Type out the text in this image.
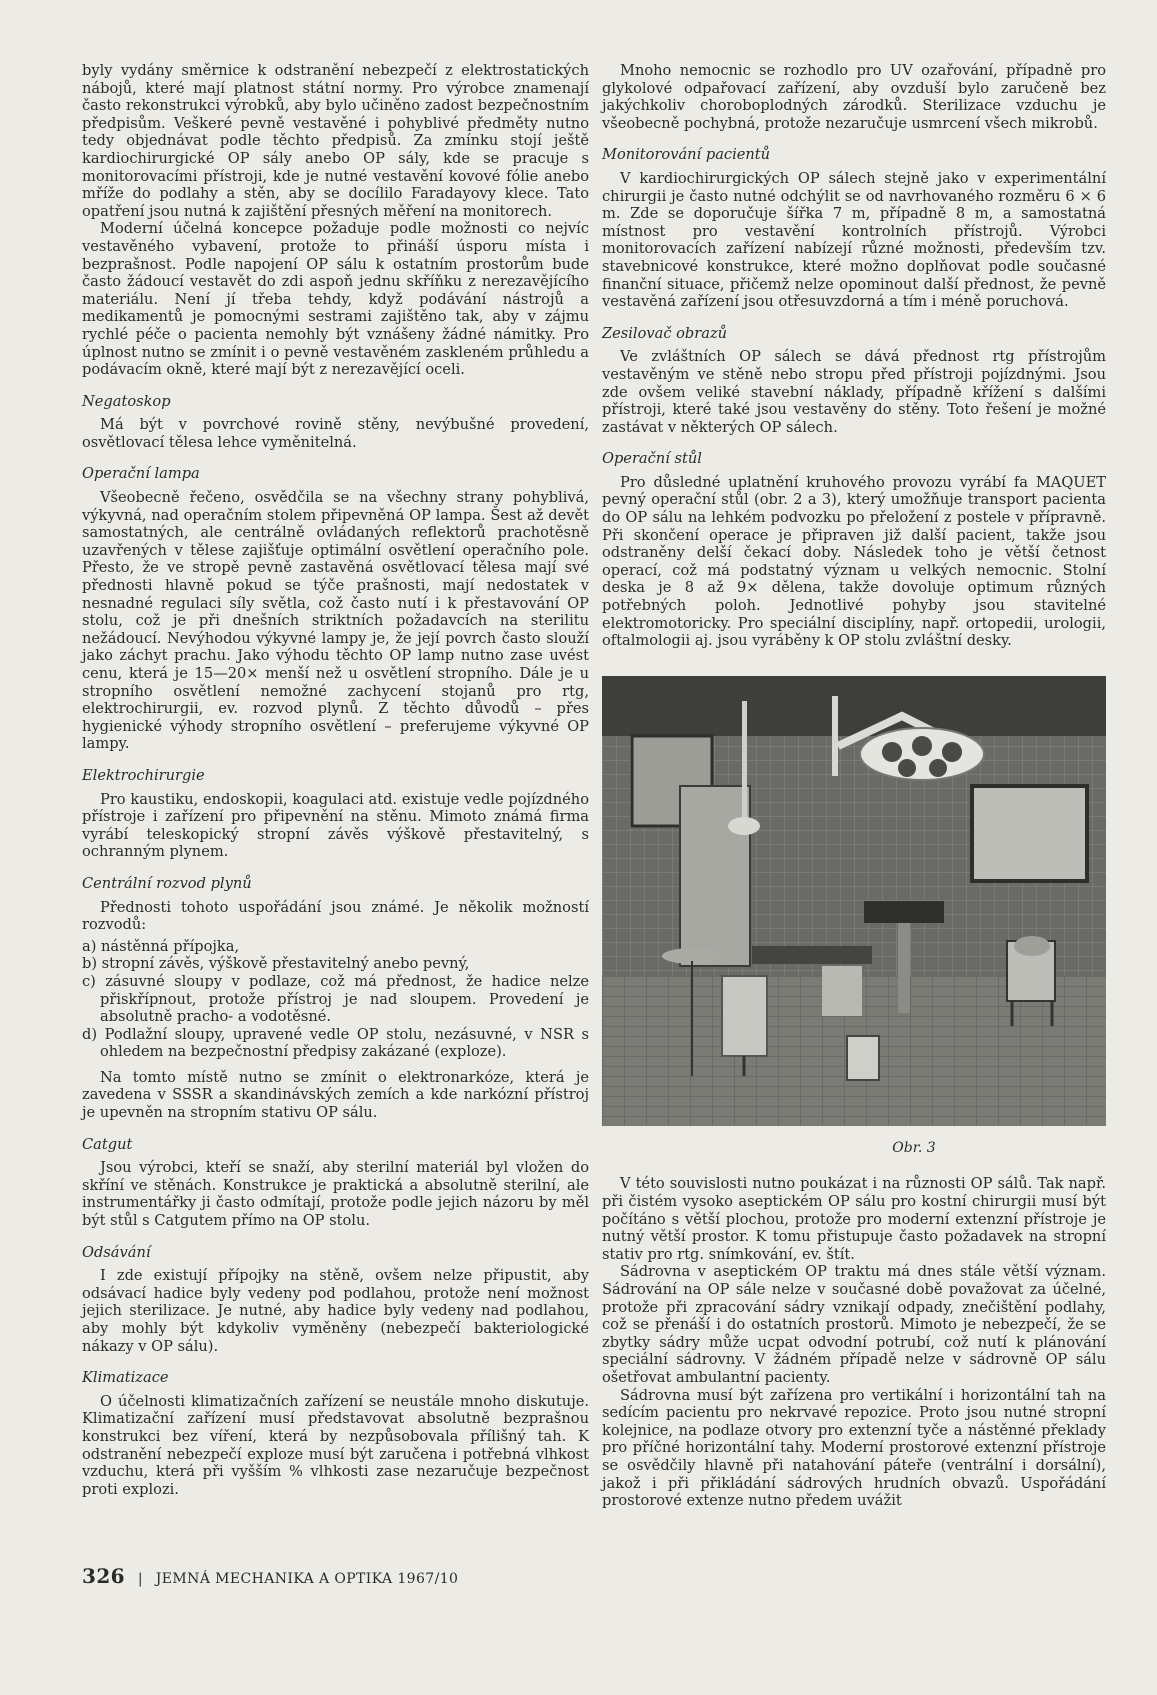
byly vydány směrnice k odstranění nebezpečí z elektrostatických nábojů, které mají platnost státní normy. Pro výrobce znamenají často rekonstrukci výrobků, aby bylo učiněno zadost bezpečnostním předpisům. Veškeré pevně vestavěné i pohyblivé předměty nutno tedy objednávat podle těchto předpisů. Za zmínku stojí ještě kardiochirurgické OP sály anebo OP sály, kde se pracuje s monitorovacími přístroji, kde je nutné vestavění kovové fólie anebo mříže do podlahy a stěn, aby se docílilo Faradayovy klece. Tato opatření jsou nutná k zajištění přesných měření na monitorech.

Moderní účelná koncepce požaduje podle možnosti co nejvíc vestavěného vybavení, protože to přináší úsporu místa i bezprašnost. Podle napojení OP sálu k ostatním prostorům bude často žádoucí vestavět do zdi aspoň jednu skříňku z nerezavějícího materiálu. Není jí třeba tehdy, když podávání nástrojů a medikamentů je pomocnými sestrami zajištěno tak, aby v zájmu rychlé péče o pacienta nemohly být vznášeny žádné námitky. Pro úplnost nutno se zmínit i o pevně vestavěném zaskleném průhledu a podávacím okně, které mají být z nerezavějící oceli.

Negatoskop

Má být v povrchové rovině stěny, nevýbušné provedení, osvětlovací tělesa lehce vyměnitelná.

Operační lampa

Všeobecně řečeno, osvědčila se na všechny strany pohyblivá, výkyvná, nad operačním stolem připevněná OP lampa. Šest až devět samostatných, ale centrálně ovládaných reflektorů prachotěsně uzavřených v tělese zajišťuje optimální osvětlení operačního pole. Přesto, že ve stropě pevně zastavěná osvětlovací tělesa mají své přednosti hlavně pokud se týče prašnosti, mají nedostatek v nesnadné regulaci síly světla, což často nutí i k přestavování OP stolu, což je při dnešních striktních požadavcích na sterilitu nežádoucí. Nevýhodou výkyvné lampy je, že její povrch často slouží jako záchyt prachu. Jako výhodu těchto OP lamp nutno zase uvést cenu, která je 15—20× menší než u osvětlení stropního. Dále je u stropního osvětlení nemožné zachycení stojanů pro rtg, elektrochirurgii, ev. rozvod plynů. Z těchto důvodů – přes hygienické výhody stropního osvětlení – preferujeme výkyvné OP lampy.

Elektrochirurgie

Pro kaustiku, endoskopii, koagulaci atd. existuje vedle pojízdného přístroje i zařízení pro připevnění na stěnu. Mimoto známá firma vyrábí teleskopický stropní závěs výškově přestavitelný, s ochranným plynem.

Centrální rozvod plynů

Přednosti tohoto uspořádání jsou známé. Je několik možností rozvodů:

a) nástěnná přípojka,
b) stropní závěs, výškově přestavitelný anebo pevný,
c) zásuvné sloupy v podlaze, což má přednost, že hadice nelze přiskřípnout, protože přístroj je nad sloupem. Provedení je absolutně pracho- a vodotěsné.
d) Podlažní sloupy, upravené vedle OP stolu, nezásuvné, v NSR s ohledem na bezpečnostní předpisy zakázané (exploze).

Na tomto místě nutno se zmínit o elektronarkóze, která je zavedena v SSSR a skandinávských zemích a kde narkózní přístroj je upevněn na stropním stativu OP sálu.

Catgut

Jsou výrobci, kteří se snaží, aby sterilní materiál byl vložen do skříní ve stěnách. Konstrukce je praktická a absolutně sterilní, ale instrumentářky ji často odmítají, protože podle jejich názoru by měl být stůl s Catgutem přímo na OP stolu.

Odsávání

I zde existují přípojky na stěně, ovšem nelze připustit, aby odsávací hadice byly vedeny pod podlahou, protože není možnost jejich sterilizace. Je nutné, aby hadice byly vedeny nad podlahou, aby mohly být kdykoliv vyměněny (nebezpečí bakteriologické nákazy v OP sálu).

Klimatizace

O účelnosti klimatizačních zařízení se neustále mnoho diskutuje. Klimatizační zařízení musí představovat absolutně bezprašnou konstrukci bez víření, která by nezpůsobovala přílišný tah. K odstranění nebezpečí exploze musí být zaručena i potřebná vlhkost vzduchu, která při vyšším % vlhkosti zase nezaručuje bezpečnost proti explozi.

Mnoho nemocnic se rozhodlo pro UV ozařování, případně pro glykolové odpařovací zařízení, aby ovzduší bylo zaručeně bez jakýchkoliv choroboplodných zárodků. Sterilizace vzduchu je všeobecně pochybná, protože nezaručuje usmrcení všech mikrobů.

Monitorování pacientů

V kardiochirurgických OP sálech stejně jako v experimentální chirurgii je často nutné odchýlit se od navrhovaného rozměru 6 × 6 m. Zde se doporučuje šířka 7 m, případně 8 m, a samostatná místnost pro vestavění kontrolních přístrojů. Výrobci monitorovacích zařízení nabízejí různé možnosti, především tzv. stavebnicové konstrukce, které možno doplňovat podle současné finanční situace, přičemž nelze opominout další přednost, že pevně vestavěná zařízení jsou otřesuvzdorná a tím i méně poruchová.

Zesilovač obrazů

Ve zvláštních OP sálech se dává přednost rtg přístrojům vestavěným ve stěně nebo stropu před přístroji pojízdnými. Jsou zde ovšem veliké stavební náklady, případně křížení s dalšími přístroji, které také jsou vestavěny do stěny. Toto řešení je možné zastávat v některých OP sálech.

Operační stůl

Pro důsledné uplatnění kruhového provozu vyrábí fa MAQUET pevný operační stůl (obr. 2 a 3), který umožňuje transport pacienta do OP sálu na lehkém podvozku po přeložení z postele v přípravně. Při skončení operace je připraven již další pacient, takže jsou odstraněny delší čekací doby. Následek toho je větší četnost operací, což má podstatný význam u velkých nemocnic. Stolní deska je 8 až 9× dělena, takže dovoluje optimum různých potřebných poloh. Jednotlivé pohyby jsou stavitelné elektromotoricky. Pro speciální disciplíny, např. ortopedii, urologii, oftalmologii aj. jsou vyráběny k OP stolu zvláštní desky.

Obr. 3

V této souvislosti nutno poukázat i na různosti OP sálů. Tak např. při čistém vysoko aseptickém OP sálu pro kostní chirurgii musí být počítáno s větší plochou, protože pro moderní extenzní přístroje je nutný větší prostor. K tomu přistupuje často požadavek na stropní stativ pro rtg. snímkování, ev. štít.

Sádrovna v aseptickém OP traktu má dnes stále větší význam. Sádrování na OP sále nelze v současné době považovat za účelné, protože při zpracování sádry vznikají odpady, znečištění podlahy, což se přenáší i do ostatních prostorů. Mimoto je nebezpečí, že se zbytky sádry může ucpat odvodní potrubí, což nutí k plánování speciální sádrovny. V žádném případě nelze v sádrovně OP sálu ošetřovat ambulantní pacienty.

Sádrovna musí být zařízena pro vertikální i horizontální tah na sedícím pacientu pro nekrvavé repozice. Proto jsou nutné stropní kolejnice, na podlaze otvory pro extenzní tyče a nástěnné překlady pro příčné horizontální tahy. Moderní prostorové extenzní přístroje se osvědčily hlavně při natahování páteře (ventrální i dorsální), jakož i při přikládání sádrových hrudních obvazů. Uspořádání prostorové extenze nutno předem uvážit

326 | JEMNÁ MECHANIKA A OPTIKA 1967/10
